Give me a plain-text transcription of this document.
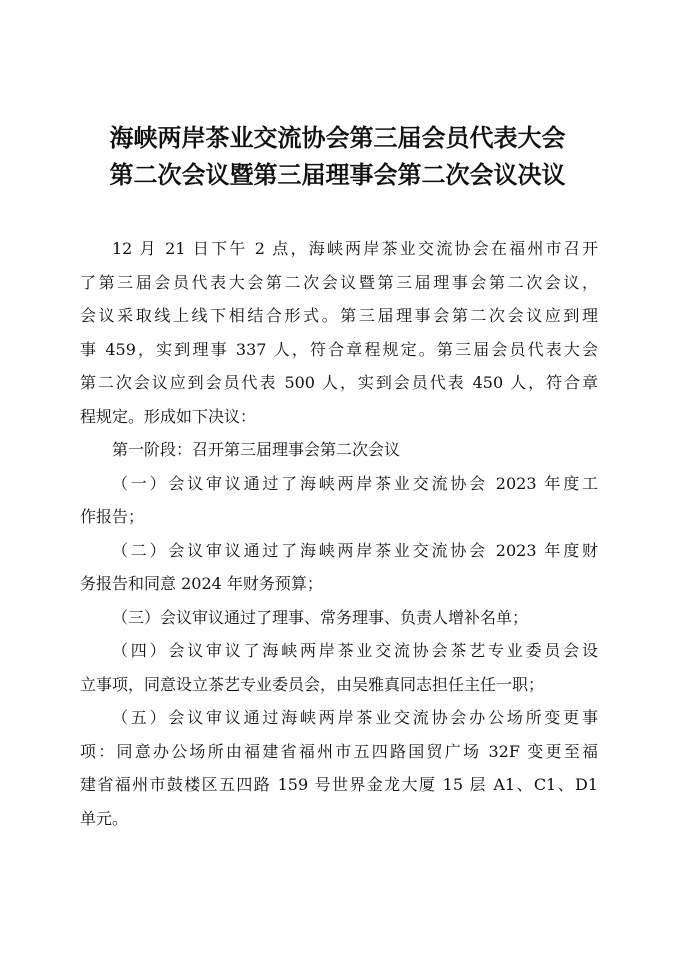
海峡两岸茶业交流协会第三届会员代表大会
第二次会议暨第三届理事会第二次会议决议

12 月 21 日下午 2 点，海峡两岸茶业交流协会在福州市召开
了第三届会员代表大会第二次会议暨第三届理事会第二次会议，
会议采取线上线下相结合形式。第三届理事会第二次会议应到理
事 459，实到理事 337 人，符合章程规定。第三届会员代表大会
第二次会议应到会员代表 500 人，实到会员代表 450 人，符合章
程规定。形成如下决议：

第一阶段：召开第三届理事会第二次会议

（一）会议审议通过了海峡两岸茶业交流协会 2023 年度工
作报告；

（二）会议审议通过了海峡两岸茶业交流协会 2023 年度财
务报告和同意 2024 年财务预算；

（三）会议审议通过了理事、常务理事、负责人增补名单；

（四）会议审议了海峡两岸茶业交流协会茶艺专业委员会设
立事项，同意设立茶艺专业委员会，由吴雅真同志担任主任一职；

（五）会议审议通过海峡两岸茶业交流协会办公场所变更事
项：同意办公场所由福建省福州市五四路国贸广场 32F 变更至福
建省福州市鼓楼区五四路 159 号世界金龙大厦 15 层 A1、C1、D1
单元。
